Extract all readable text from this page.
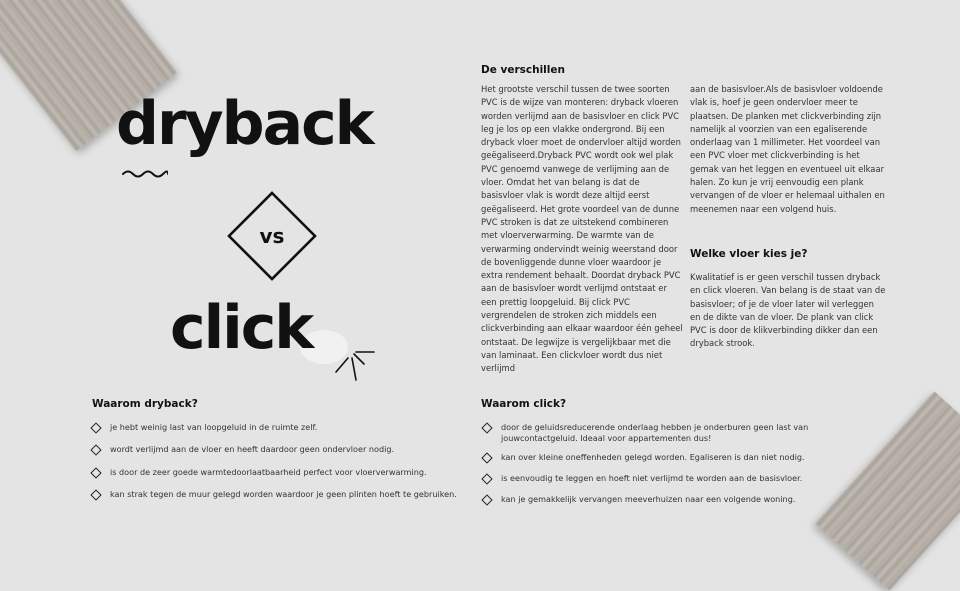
dryback
vs
click
De verschillen

Het grootste verschil tussen de twee soorten PVC is de wijze van monteren: dryback vloeren worden verlijmd aan de basisvloer en click PVC leg je los op een vlakke ondergrond. Bij een dryback vloer moet de ondervloer altijd worden geëgaliseerd.Dryback PVC wordt ook wel plak PVC genoemd vanwege de verlijming aan de vloer. Omdat het van belang is dat de basisvloer vlak is wordt deze altijd eerst geëgaliseerd. Het grote voordeel van de dunne PVC stroken is dat ze uitstekend combineren met vloerverwarming. De warmte van de verwarming ondervindt weinig weerstand door de bovenliggende dunne vloer waardoor je extra rendement behaalt. Doordat dryback PVC aan de basisvloer wordt verlijmd ontstaat er een prettig loopgeluid. Bij click PVC vergrendelen de stroken zich middels een clickverbinding aan elkaar waardoor één geheel ontstaat. De legwijze is vergelijkbaar met die van laminaat. Een clickvloer wordt dus niet verlijmd

aan de basisvloer.Als de basisvloer voldoende vlak is, hoef je geen ondervloer meer te plaatsen. De planken met clickverbinding zijn namelijk al voorzien van een egaliserende onderlaag van 1 millimeter. Het voordeel van een PVC vloer met clickverbinding is het gemak van het leggen en eventueel uit elkaar halen. Zo kun je vrij eenvoudig een plank vervangen of de vloer er helemaal uithalen en meenemen naar een volgend huis.

Welke vloer kies je?

Kwalitatief is er geen verschil tussen dryback en click vloeren. Van belang is de staat van de basisvloer; of je de vloer later wil verleggen en de dikte van de vloer. De plank van click PVC is door de klikverbinding dikker dan een dryback strook.

Waarom dryback?
je hebt weinig last van loopgeluid in de ruimte zelf.
wordt verlijmd aan de vloer en heeft daardoor geen ondervloer nodig.
is door de zeer goede warmtedoorlaatbaarheid perfect voor vloerverwarming.
kan strak tegen de muur gelegd worden waardoor je geen plinten hoeft te gebruiken.
Waarom click?
door de geluidsreducerende onderlaag hebben je onderburen geen last van jouwcontactgeluid. Ideaal voor appartementen dus!
kan over kleine oneffenheden gelegd worden. Egaliseren is dan niet nodig.
is eenvoudig te leggen en hoeft niet verlijmd te worden aan de basisvloer.
kan je gemakkelijk vervangen meeverhuizen naar een volgende woning.
